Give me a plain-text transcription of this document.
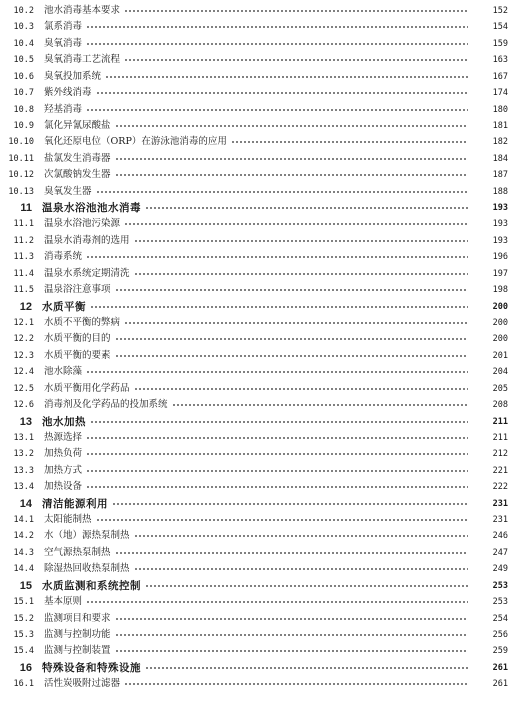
10.2 池水消毒基本要求	152
10.3 氯系消毒	154
10.4 臭氧消毒	159
10.5 臭氧消毒工艺流程	163
10.6 臭氧投加系统	167
10.7 紫外线消毒	174
10.8 羟基消毒	180
10.9 氯化异氰尿酸盐	181
10.10 氧化还原电位（ORP）在游泳池消毒的应用	182
10.11 盐氯发生消毒器	184
10.12 次氯酸钠发生器	187
10.13 臭氧发生器	188
11 温泉水浴池池水消毒	193
11.1 温泉水浴池污染源	193
11.2 温泉水消毒剂的选用	193
11.3 消毒系统	196
11.4 温泉水系统定期清洗	197
11.5 温泉浴注意事项	198
12 水质平衡	200
12.1 水质不平衡的弊病	200
12.2 水质平衡的目的	200
12.3 水质平衡的要素	201
12.4 池水除藻	204
12.5 水质平衡用化学药品	205
12.6 消毒剂及化学药品的投加系统	208
13 池水加热	211
13.1 热源选择	211
13.2 加热负荷	212
13.3 加热方式	221
13.4 加热设备	222
14 清洁能源利用	231
14.1 太阳能制热	231
14.2 水（地）源热泵制热	246
14.3 空气源热泵制热	247
14.4 除湿热回收热泵制热	249
15 水质监测和系统控制	253
15.1 基本原则	253
15.2 监测项目和要求	254
15.3 监测与控制功能	256
15.4 监测与控制装置	259
16 特殊设备和特殊设施	261
16.1 活性炭吸附过滤器	261
